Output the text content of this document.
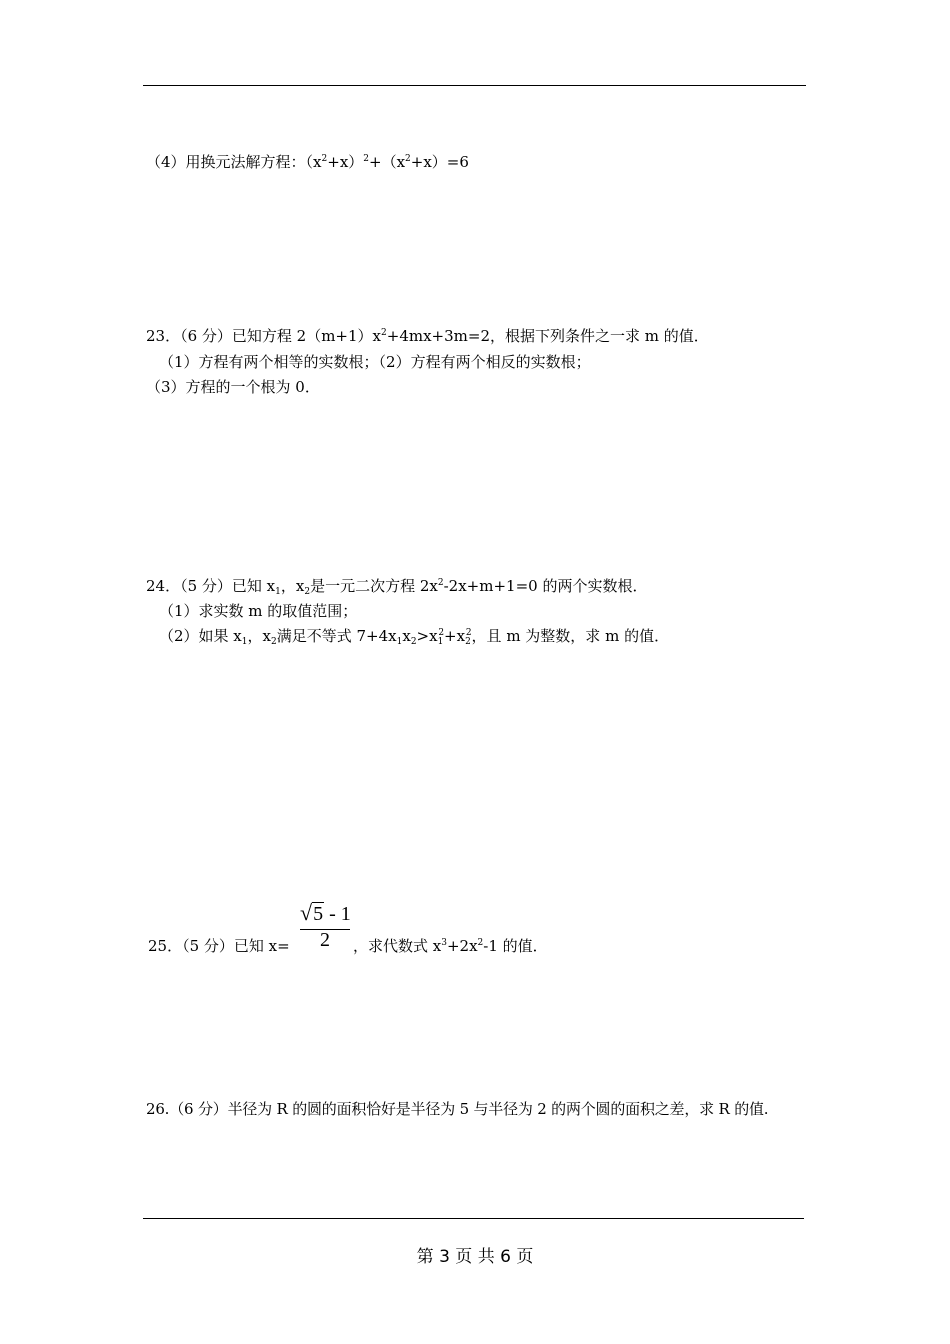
（4）用换元法解方程：$(x^2+x)^2+(x^2+x)=6$
23．（6 分）已知方程 $2(m+1)x^2+4mx+3m=2$，根据下列条件之一求 m 的值．
（1）方程有两个相等的实数根；（2）方程有两个相反的实数根；
（3）方程的一个根为 0．
24．（5 分）已知 $x_1$，$x_2$是一元二次方程 $2x^2-2x+m+1=0$ 的两个实数根．
（1）求实数 m 的取值范围；
（2）如果 $x_1$，$x_2$满足不等式 $7+4x_1x_2>x_1^2+x_2^2$，且 m 为整数，求 m 的值．
25．（5 分）已知 x=
√5 - 1
2 ，求代数式 $x^3+2x^2-1$ 的值．
26.（6 分）半径为 R 的圆的面积恰好是半径为 5 与半径为 2 的两个圆的面积之差，求 R 的值.
第 3 页 共 6 页
